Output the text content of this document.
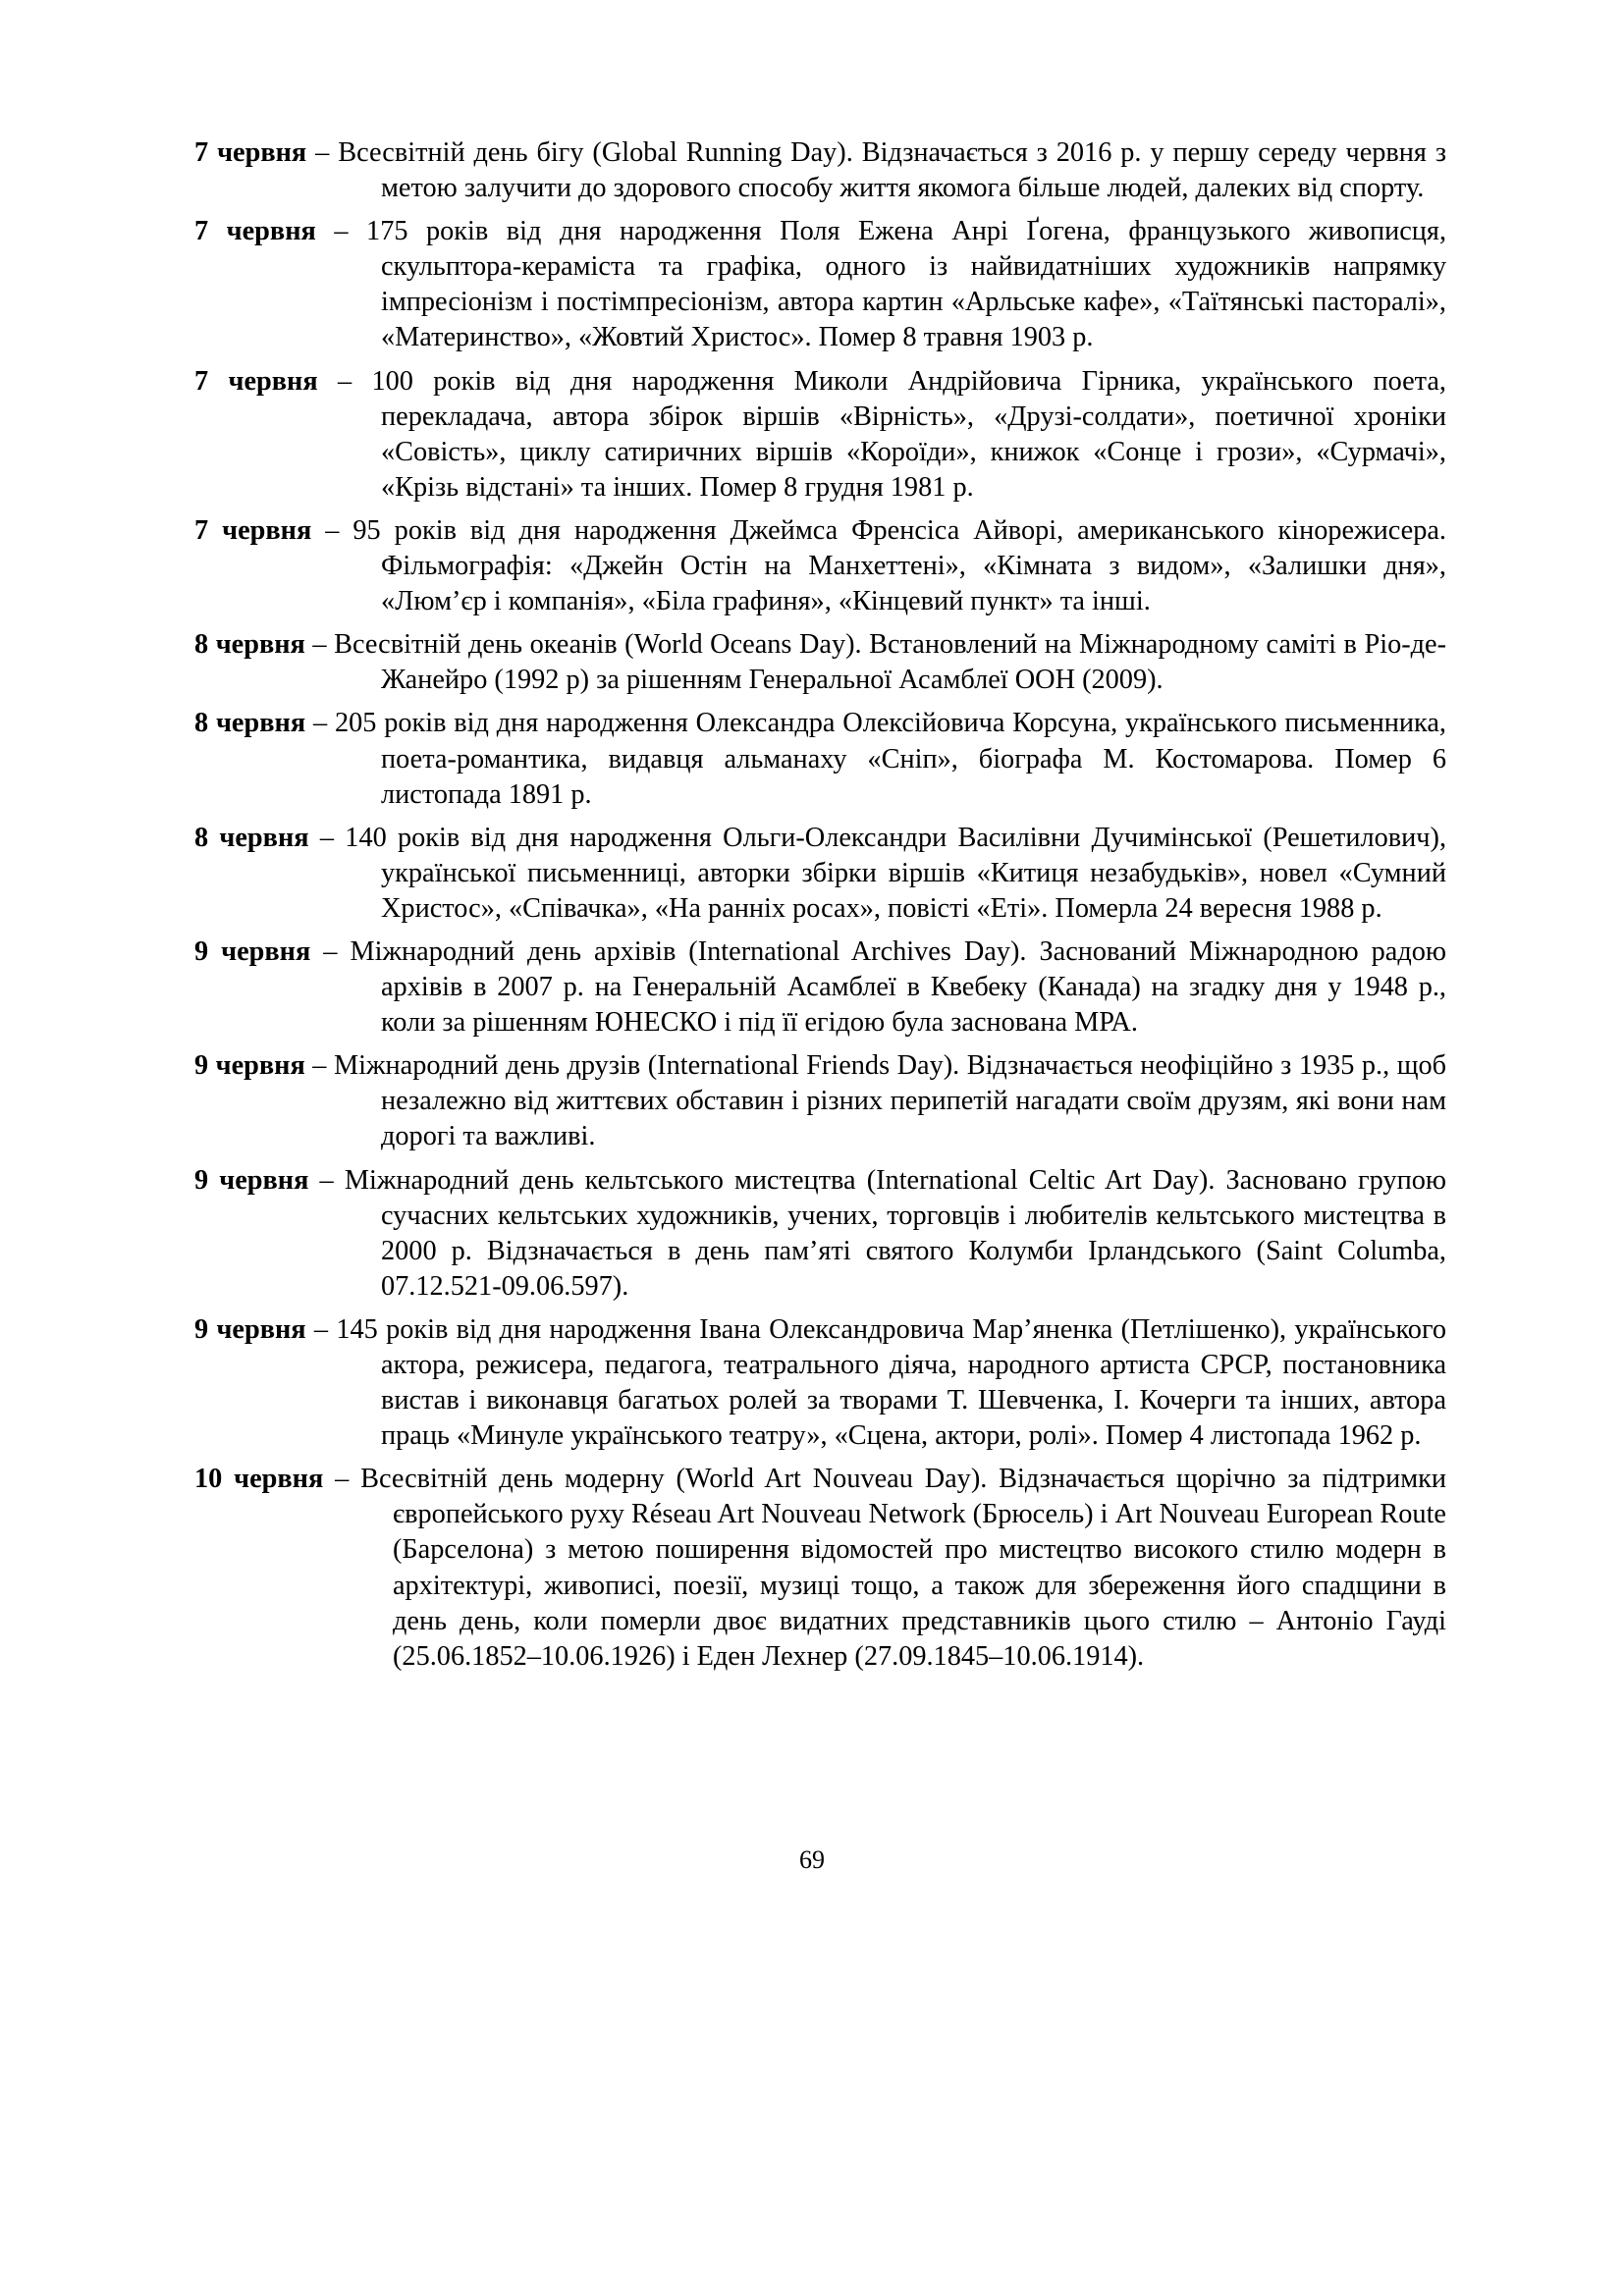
7 червня – Всесвітній день бігу (Global Running Day). Відзначається з 2016 р. у першу середу червня з метою залучити до здорового способу життя якомога більше людей, далеких від спорту.

7 червня – 175 років від дня народження Поля Ежена Анрі Ґогена, французького живописця, скульптора-кераміста та графіка, одного із найвидатніших художників напрямку імпресіонізм і постімпресіонізм, автора картин «Арльське кафе», «Таїтянські пасторалі», «Материнство», «Жовтий Христос». Помер 8 травня 1903 р.

7 червня – 100 років від дня народження Миколи Андрійовича Гірника, українського поета, перекладача, автора збірок віршів «Вірність», «Друзі-солдати», поетичної хроніки «Совість», циклу сатиричних віршів «Короїди», книжок «Сонце і грози», «Сурмачі», «Крізь відстані» та інших. Помер 8 грудня 1981 р.

7 червня – 95 років від дня народження Джеймса Френсіса Айворі, американського кінорежисера. Фільмографія: «Джейн Остін на Манхеттені», «Кімната з видом», «Залишки дня», «Люм’єр і компанія», «Біла графиня», «Кінцевий пункт» та інші.

8 червня – Всесвітній день океанів (World Oceans Day). Встановлений на Міжнародному саміті в Ріо-де-Жанейро (1992 р) за рішенням Генеральної Асамблеї ООН (2009).

8 червня – 205 років від дня народження Олександра Олексійовича Корсуна, українського письменника, поета-романтика, видавця альманаху «Сніп», біографа М. Костомарова. Помер 6 листопада 1891 р.

8 червня – 140 років від дня народження Ольги-Олександри Василівни Дучимінської (Решетилович), української письменниці, авторки збірки віршів «Китиця незабудьків», новел «Сумний Христос», «Співачка», «На ранніх росах», повісті «Еті». Померла 24 вересня 1988 р.

9 червня – Міжнародний день архівів (International Archives Day). Заснований Міжнародною радою архівів в 2007 р. на Генеральній Асамблеї в Квебеку (Канада) на згадку дня у 1948 р., коли за рішенням ЮНЕСКО і під її егідою була заснована МРА.

9 червня – Міжнародний день друзів (International Friends Day). Відзначається неофіційно з 1935 р., щоб незалежно від життєвих обставин і різних перипетій нагадати своїм друзям, які вони нам дорогі та важливі.

9 червня – Міжнародний день кельтського мистецтва (International Celtic Art Day). Засновано групою сучасних кельтських художників, учених, торговців і любителів кельтського мистецтва в 2000 р. Відзначається в день пам’яті святого Колумби Ірландського (Saint Columba, 07.12.521-09.06.597).

9 червня – 145 років від дня народження Івана Олександровича Мар’яненка (Петлішенко), українського актора, режисера, педагога, театрального діяча, народного артиста СРСР, постановника вистав і виконавця багатьох ролей за творами Т. Шевченка, І. Кочерги та інших, автора праць «Минуле українського театру», «Сцена, актори, ролі». Помер 4 листопада 1962 р.

10 червня – Всесвітній день модерну (World Art Nouveau Day). Відзначається щорічно за підтримки європейського руху Réseau Art Nouveau Network (Брюсель) і Art Nouveau European Route (Барселона) з метою поширення відомостей про мистецтво високого стилю модерн в архітектурі, живописі, поезії, музиці тощо, а також для збереження його спадщини в день день, коли померли двоє видатних представників цього стилю – Антоніо Гауді (25.06.1852–10.06.1926) і Еден Лехнер (27.09.1845–10.06.1914).

69
